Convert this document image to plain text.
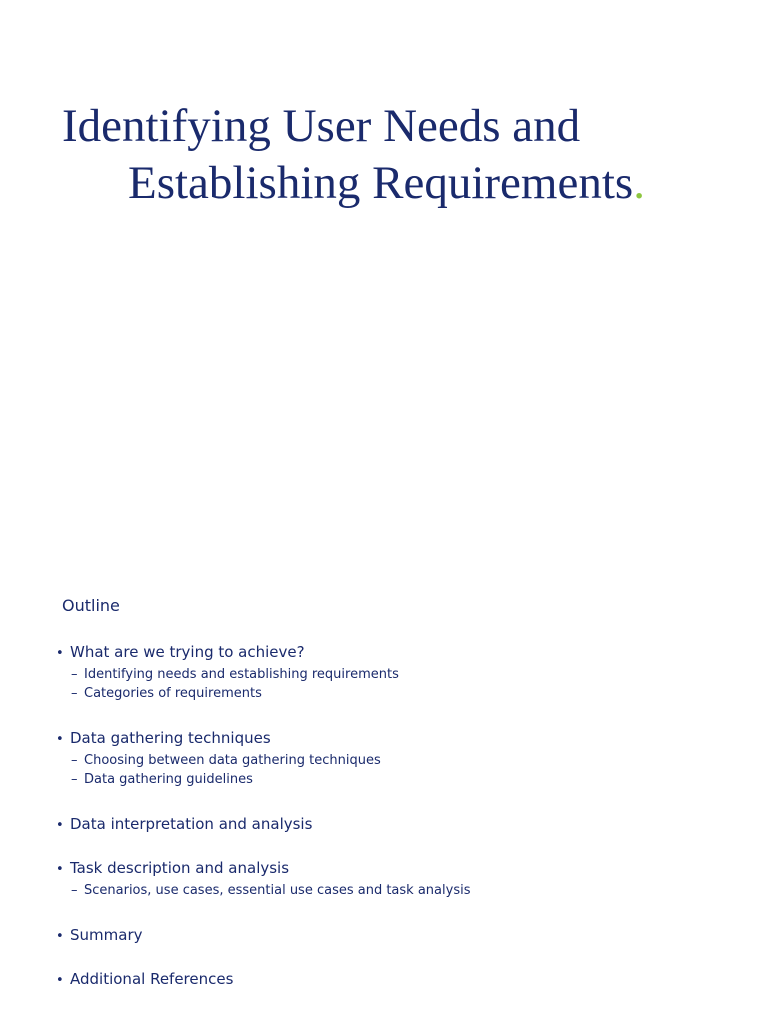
Identifying User Needs and
Establishing Requirements.
Outline
• What are we trying to achieve?
– Identifying needs and establishing requirements
– Categories of requirements
• Data gathering techniques
– Choosing between data gathering techniques
– Data gathering guidelines
• Data interpretation and analysis
• Task description and analysis
– Scenarios, use cases, essential use cases and task analysis
• Summary
• Additional References
